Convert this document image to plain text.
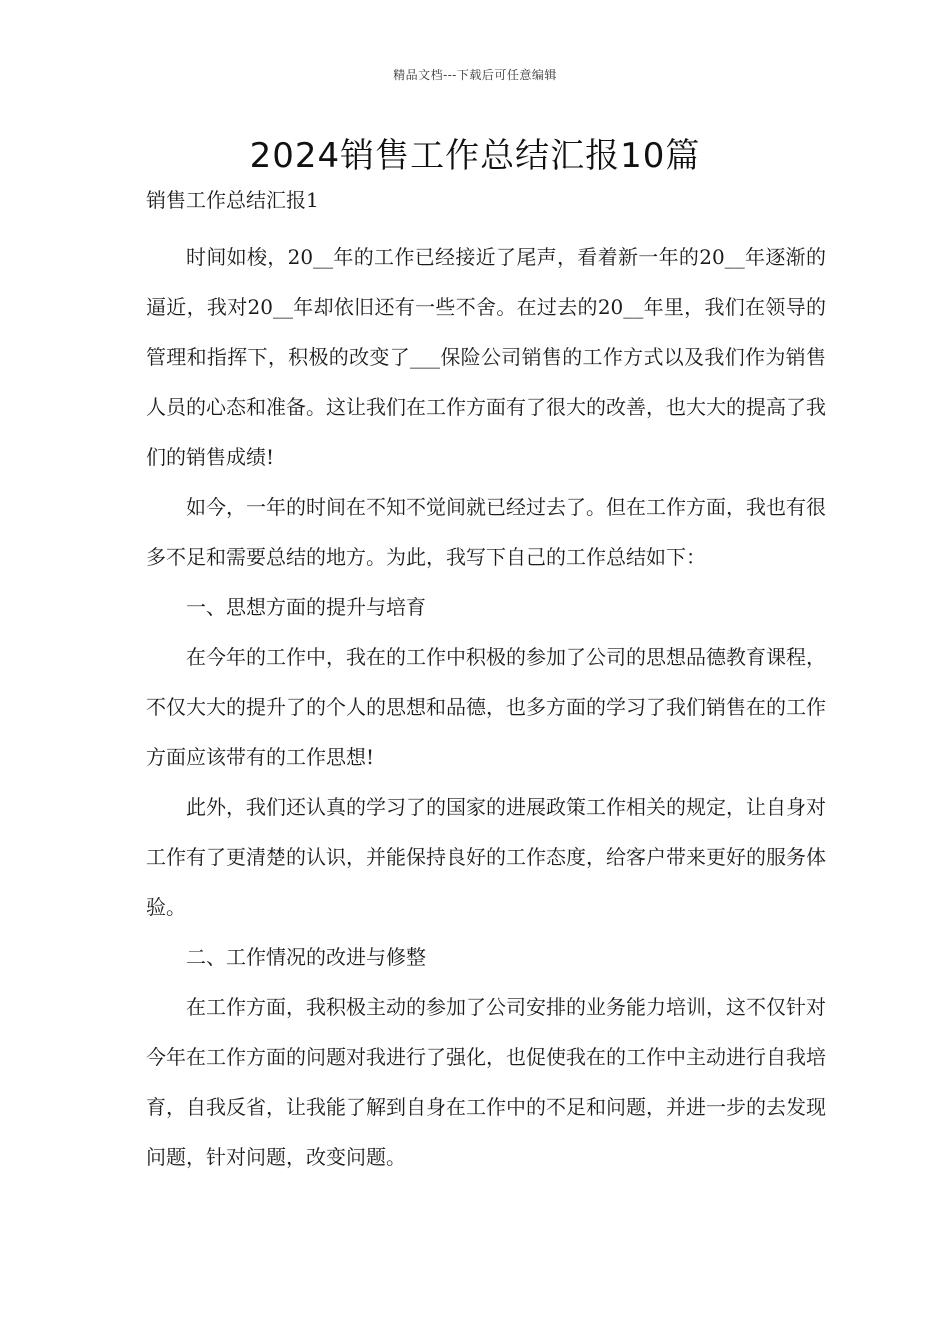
精品文档---下载后可任意编辑
2024销售工作总结汇报10篇

销售工作总结汇报1

时间如梭，20__年的工作已经接近了尾声，看着新一年的20__年逐渐的逼近，我对20__年却依旧还有一些不舍。在过去的20__年里，我们在领导的管理和指挥下，积极的改变了___保险公司销售的工作方式以及我们作为销售人员的心态和准备。这让我们在工作方面有了很大的改善，也大大的提高了我们的销售成绩!

如今，一年的时间在不知不觉间就已经过去了。但在工作方面，我也有很多不足和需要总结的地方。为此，我写下自己的工作总结如下：

一、思想方面的提升与培育

在今年的工作中，我在的工作中积极的参加了公司的思想品德教育课程，不仅大大的提升了的个人的思想和品德，也多方面的学习了我们销售在的工作方面应该带有的工作思想!

此外，我们还认真的学习了的国家的进展政策工作相关的规定，让自身对工作有了更清楚的认识，并能保持良好的工作态度，给客户带来更好的服务体验。

二、工作情况的改进与修整

在工作方面，我积极主动的参加了公司安排的业务能力培训，这不仅针对今年在工作方面的问题对我进行了强化，也促使我在的工作中主动进行自我培育，自我反省，让我能了解到自身在工作中的不足和问题，并进一步的去发现问题，针对问题，改变问题。
